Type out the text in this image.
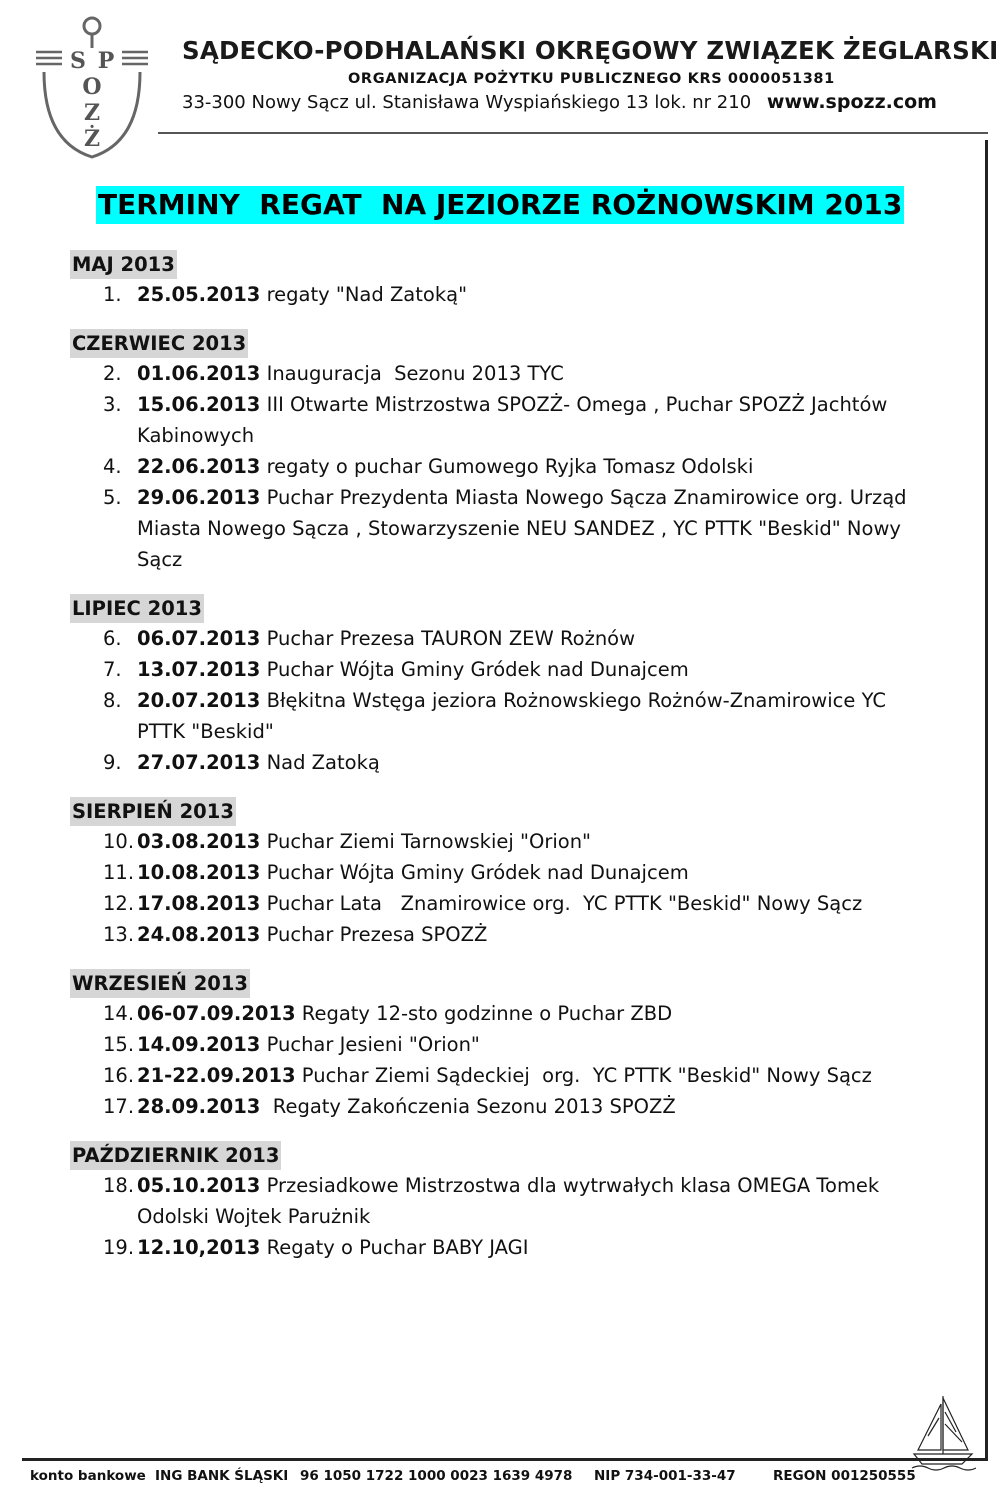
S P
O
Z
Ż
SĄDECKO-PODHALAŃSKI OKRĘGOWY ZWIĄZEK ŻEGLARSKI
ORGANIZACJA POŻYTKU PUBLICZNEGO KRS 0000051381
33-300 Nowy Sącz ul. Stanisława Wyspiańskiego 13 lok. nr 210 www.spozz.com
TERMINY  REGAT  NA JEZIORZE ROŻNOWSKIM 2013
MAJ 2013
1. 25.05.2013 regaty "Nad Zatoką"
CZERWIEC 2013
2. 01.06.2013 Inauguracja  Sezonu 2013 TYC
3. 15.06.2013 III Otwarte Mistrzostwa SPOZŻ- Omega , Puchar SPOZŻ Jachtów Kabinowych
4. 22.06.2013 regaty o puchar Gumowego Ryjka Tomasz Odolski
5. 29.06.2013 Puchar Prezydenta Miasta Nowego Sącza Znamirowice org. Urząd Miasta Nowego Sącza , Stowarzyszenie NEU SANDEZ , YC PTTK "Beskid" Nowy Sącz
LIPIEC 2013
6. 06.07.2013 Puchar Prezesa TAURON ZEW Rożnów
7. 13.07.2013 Puchar Wójta Gminy Gródek nad Dunajcem
8. 20.07.2013 Błękitna Wstęga jeziora Rożnowskiego Rożnów-Znamirowice YC PTTK "Beskid"
9. 27.07.2013 Nad Zatoką
SIERPIEŃ 2013
10. 03.08.2013 Puchar Ziemi Tarnowskiej "Orion"
11. 10.08.2013 Puchar Wójta Gminy Gródek nad Dunajcem
12. 17.08.2013 Puchar Lata   Znamirowice org.  YC PTTK "Beskid" Nowy Sącz
13. 24.08.2013 Puchar Prezesa SPOZŻ
WRZESIEŃ 2013
14. 06-07.09.2013 Regaty 12-sto godzinne o Puchar ZBD
15. 14.09.2013 Puchar Jesieni "Orion"
16. 21-22.09.2013 Puchar Ziemi Sądeckiej  org.  YC PTTK "Beskid" Nowy Sącz
17. 28.09.2013  Regaty Zakończenia Sezonu 2013 SPOZŻ
PAŹDZIERNIK 2013
18. 05.10.2013 Przesiadkowe Mistrzostwa dla wytrwałych klasa OMEGA Tomek Odolski Wojtek Parużnik
19. 12.10,2013 Regaty o Puchar BABY JAGI
konto bankowe ING BANK ŚLĄSKI 96 1050 1722 1000 0023 1639 4978 NIP 734-001-33-47	REGON 001250555
